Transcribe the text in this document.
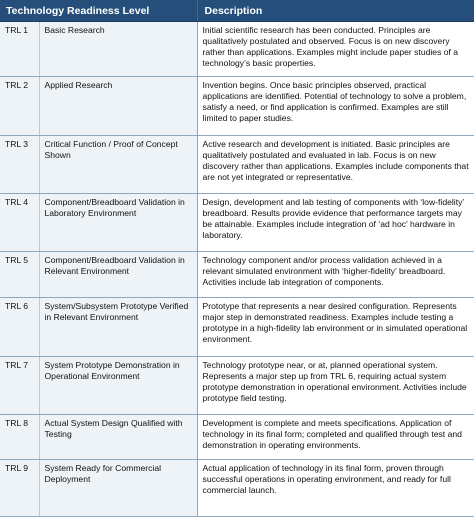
Technology Readiness Level		Description
TRL 1	Basic Research	Initial scientific research has been conducted. Principles are qualitatively postulated and observed. Focus is on new discovery rather than applications. Examples might include paper studies of a technology’s basic properties.
TRL 2	Applied Research	Invention begins. Once basic principles observed, practical applications are identified. Potential of technology to solve a problem, satisfy a need, or find application is confirmed. Examples are still limited to paper studies.
TRL 3	Critical Function / Proof of Concept Shown	Active research and development is initiated. Basic principles are qualitatively postulated and evaluated in lab. Focus is on new discovery rather than applications. Examples include components that are not yet integrated or representative.
TRL 4	Component/Breadboard Validation in Laboratory Environment	Design, development and lab testing of components with ‘low-fidelity’ breadboard. Results provide evidence that performance targets may be attainable. Examples include integration of ‘ad hoc’ hardware in laboratory.
TRL 5	Component/Breadboard Validation in Relevant Environment	Technology component and/or process validation achieved in a relevant simulated environment with ‘higher-fidelity’ breadboard. Activities include lab integration of components.
TRL 6	System/Subsystem Prototype Verified in Relevant Environment	Prototype that represents a near desired configuration. Represents major step in demonstrated readiness. Examples include testing a prototype in a high-fidelity lab environment or in simulated operational environment.
TRL 7	System Prototype Demonstration in Operational Environment	Technology prototype near, or at, planned operational system. Represents a major step up from TRL 6, requiring actual system prototype demonstration in operational environment. Activities include prototype field testing.
TRL 8	Actual System Design Qualified with Testing	Development is complete and meets specifications. Application of technology in its final form; completed and qualified through test and demonstration in operating environments.
TRL 9	System Ready for Commercial Deployment	Actual application of technology in its final form, proven through successful operations in operating environment, and ready for full commercial launch.
